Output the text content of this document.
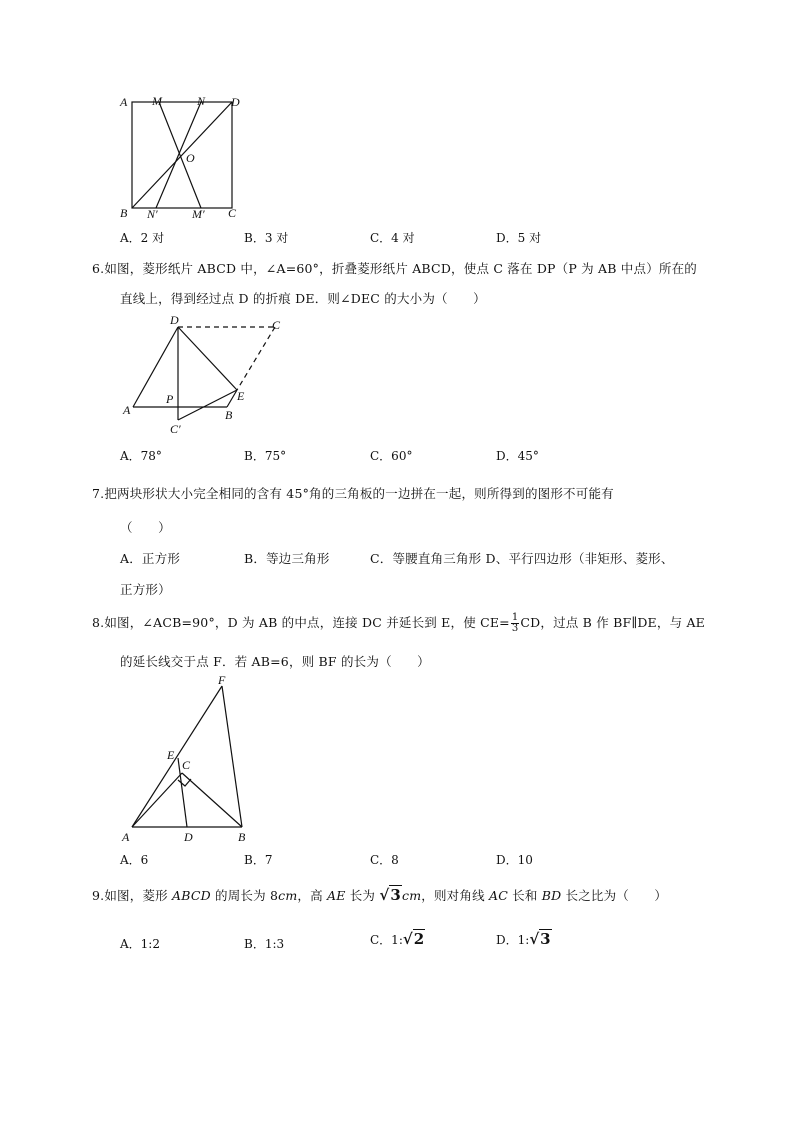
A M	N D
O
B N′	M′ C
A．2 对	B．3 对	C．4 对	D．5 对
6.如图，菱形纸片 ABCD 中，∠A=60°，折叠菱形纸片 ABCD，使点 C 落在 DP（P 为 AB 中点）所在的
直线上，得到经过点 D 的折痕 DE．则∠DEC 的大小为（　　）
D	C
E
A
P
B
C′
A．78°	B．75°	C．60°	D．45°
7.把两块形状大小完全相同的含有 45°角的三角板的一边拼在一起，则所得到的图形不可能有
（　　）
A．正方形	B．等边三角形	C．等腰直角三角形 D、平行四边形（非矩形、菱形、
正方形）
8.如图，∠ACB=90°，D 为 AB 的中点，连接 DC 并延长到 E，使 $CE= \frac{1}{3}$ CD，过点 B 作 BF∥DE，与 AE
的延长线交于点 F．若 AB=6，则 BF 的长为（　　）
F
E
C
A	D	B
A．6	B．7	C．8	D．10
9.如图，菱形 ABCD 的周长为 8cm，高 AE 长为 √3cm，则对角线 AC 长和 BD 长之比为（　　）
A．1:2	B．1:3	C．1:√2	D．1:√3
